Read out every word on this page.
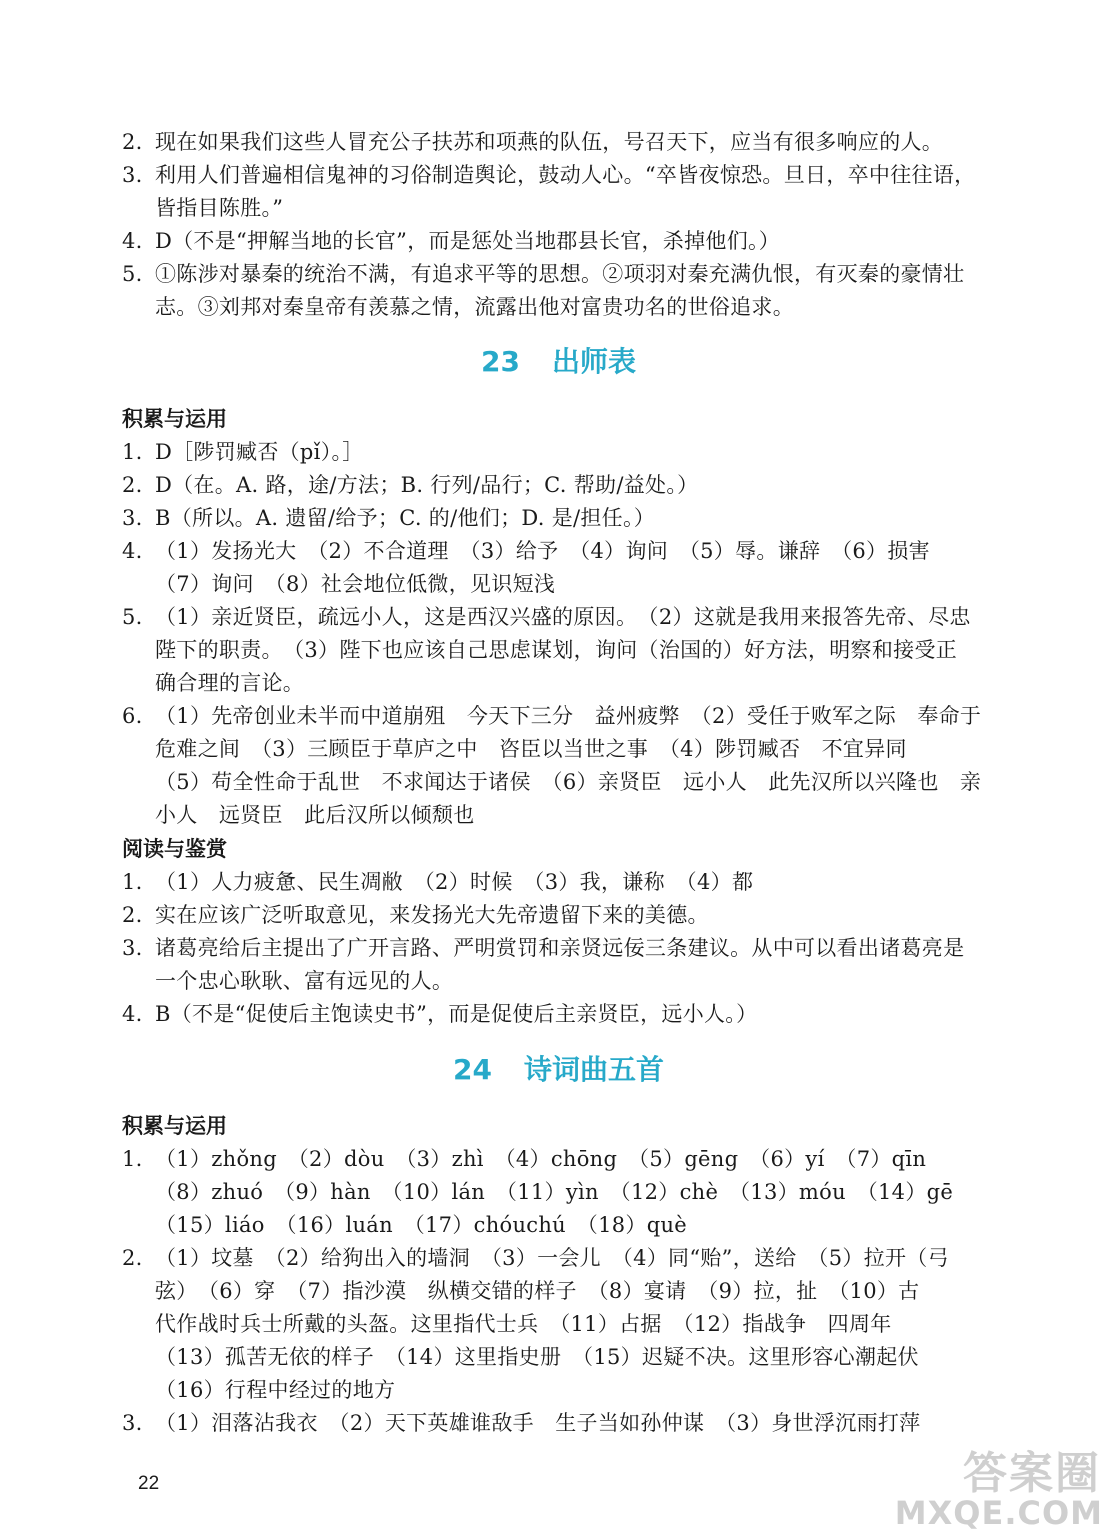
2. 现在如果我们这些人冒充公子扶苏和项燕的队伍，号召天下，应当有很多响应的人。
3. 利用人们普遍相信鬼神的习俗制造舆论，鼓动人心。“卒皆夜惊恐。旦日，卒中往往语，
皆指目陈胜。”
4. D（不是“押解当地的长官”，而是惩处当地郡县长官，杀掉他们。）
5. ①陈涉对暴秦的统治不满，有追求平等的思想。②项羽对秦充满仇恨，有灭秦的豪情壮
志。③刘邦对秦皇帝有羡慕之情，流露出他对富贵功名的世俗追求。
23 出师表
积累与运用
1. D［陟罚臧否（pǐ）。］
2. D（在。A. 路，途/方法；B. 行列/品行；C. 帮助/益处。）
3. B（所以。A. 遗留/给予；C. 的/他们；D. 是/担任。）
4. （1）发扬光大　（2）不合道理　（3）给予　（4）询问　（5）辱。谦辞　（6）损害
（7）询问　（8）社会地位低微，见识短浅
5. （1）亲近贤臣，疏远小人，这是西汉兴盛的原因。　（2）这就是我用来报答先帝、尽忠
陛下的职责。　（3）陛下也应该自己思虑谋划，询问（治国的）好方法，明察和接受正
确合理的言论。
6. （1）先帝创业未半而中道崩殂　今天下三分　益州疲弊　（2）受任于败军之际　奉命于
危难之间　（3）三顾臣于草庐之中　咨臣以当世之事　（4）陟罚臧否　不宜异同
（5）苟全性命于乱世　不求闻达于诸侯　（6）亲贤臣　远小人　此先汉所以兴隆也　亲
小人　远贤臣　此后汉所以倾颓也
阅读与鉴赏
1. （1）人力疲惫、民生凋敝　（2）时候　（3）我，谦称　（4）都
2. 实在应该广泛听取意见，来发扬光大先帝遗留下来的美德。
3. 诸葛亮给后主提出了广开言路、严明赏罚和亲贤远佞三条建议。从中可以看出诸葛亮是
一个忠心耿耿、富有远见的人。
4. B（不是“促使后主饱读史书”，而是促使后主亲贤臣，远小人。）
24 诗词曲五首
积累与运用
1. （1）zhǒng　（2）dòu　（3）zhì　（4）chōng　（5）gēng　（6）yí　（7）qīn
（8）zhuó　（9）hàn　（10）lán　（11）yìn　（12）chè　（13）móu　（14）gē
（15）liáo　（16）luán　（17）chóuchú　（18）què
2. （1）坟墓　（2）给狗出入的墙洞　（3）一会儿　（4）同“贻”，送给　（5）拉开（弓
弦）　（6）穿　（7）指沙漠　纵横交错的样子　（8）宴请　（9）拉，扯　（10）古
代作战时兵士所戴的头盔。这里指代士兵　（11）占据　（12）指战争　四周年
（13）孤苦无依的样子　（14）这里指史册　（15）迟疑不决。这里形容心潮起伏
（16）行程中经过的地方
3. （1）泪落沾我衣　（2）天下英雄谁敌手　生子当如孙仲谋　（3）身世浮沉雨打萍
22	答案圈
MXQE.COM
